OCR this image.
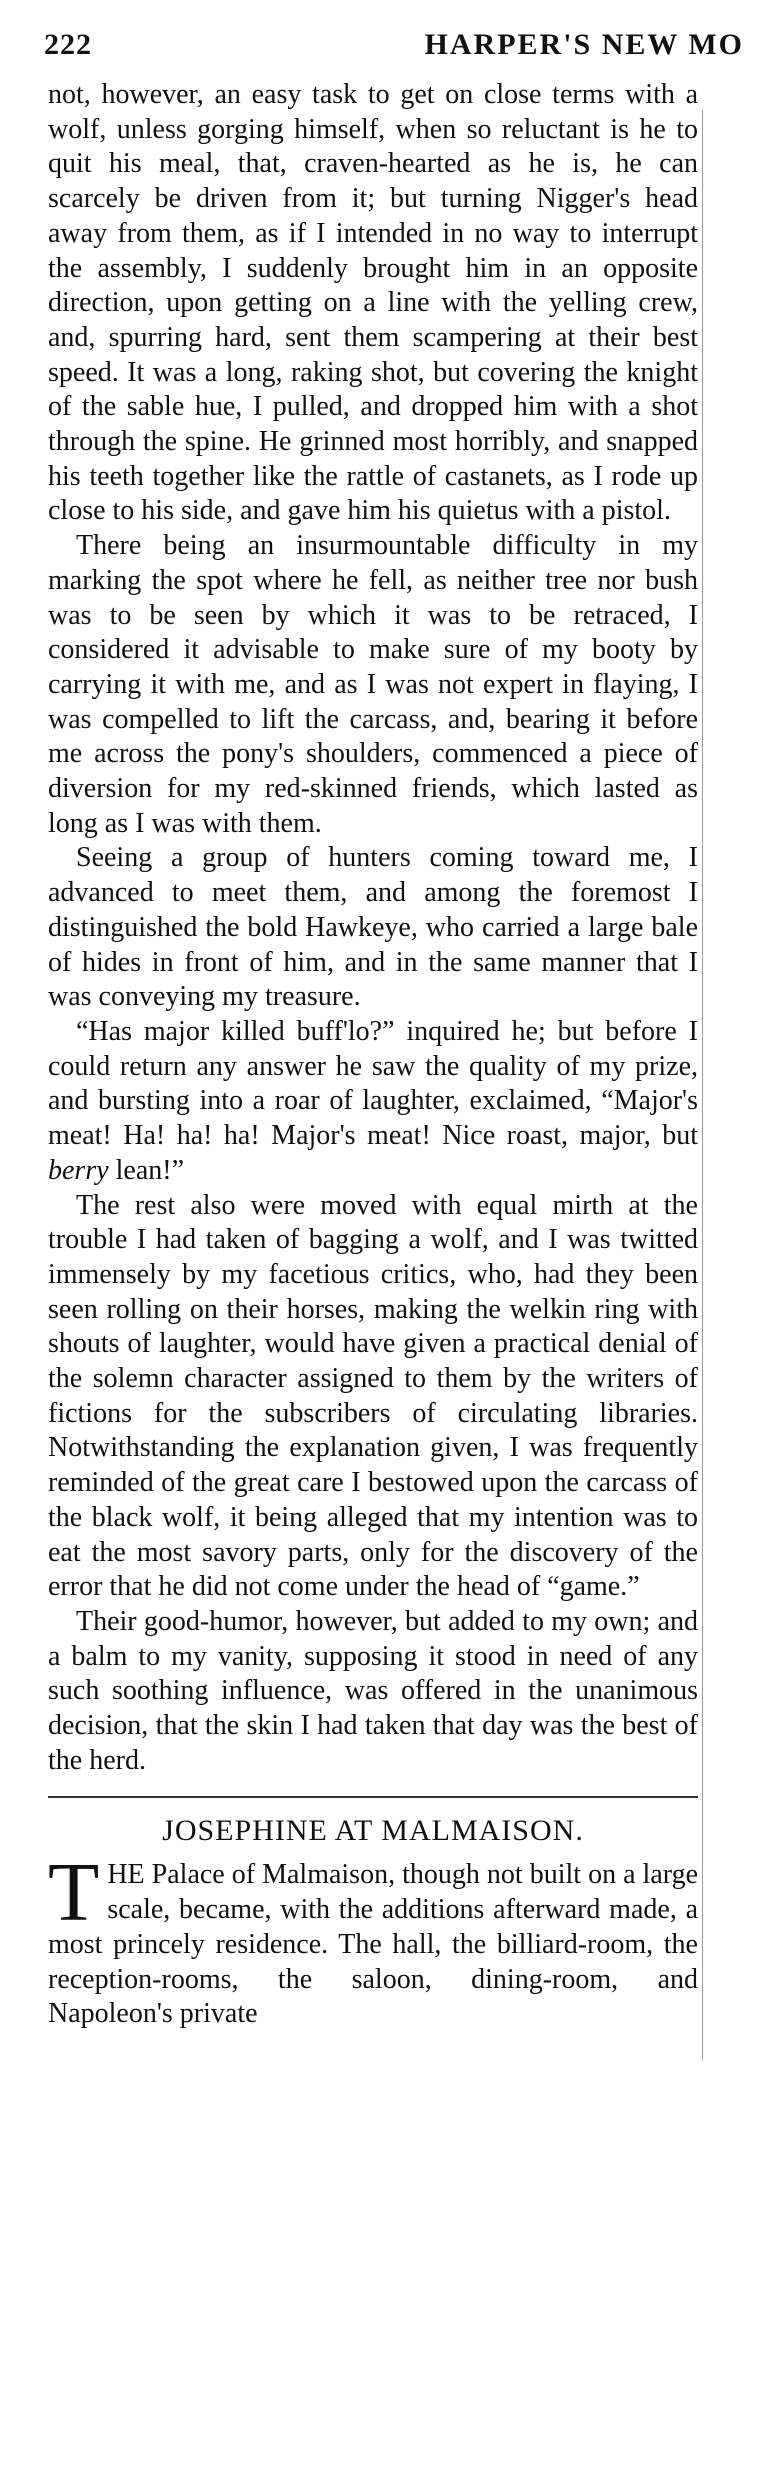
222	HARPER'S NEW MO

not, however, an easy task to get on close terms with a wolf, unless gorging himself, when so reluctant is he to quit his meal, that, craven-hearted as he is, he can scarcely be driven from it; but turning Nigger's head away from them, as if I intended in no way to interrupt the assembly, I suddenly brought him in an opposite direction, upon getting on a line with the yelling crew, and, spurring hard, sent them scampering at their best speed. It was a long, raking shot, but covering the knight of the sable hue, I pulled, and dropped him with a shot through the spine. He grinned most horribly, and snapped his teeth together like the rattle of castanets, as I rode up close to his side, and gave him his quietus with a pistol.

There being an insurmountable difficulty in my marking the spot where he fell, as neither tree nor bush was to be seen by which it was to be retraced, I considered it advisable to make sure of my booty by carrying it with me, and as I was not expert in flaying, I was compelled to lift the carcass, and, bearing it before me across the pony's shoulders, commenced a piece of diversion for my red-skinned friends, which lasted as long as I was with them.

Seeing a group of hunters coming toward me, I advanced to meet them, and among the foremost I distinguished the bold Hawkeye, who carried a large bale of hides in front of him, and in the same manner that I was conveying my treasure.

“Has major killed buff'lo?” inquired he; but before I could return any answer he saw the quality of my prize, and bursting into a roar of laughter, exclaimed, “Major's meat! Ha! ha! ha! Major's meat! Nice roast, major, but berry lean!”

The rest also were moved with equal mirth at the trouble I had taken of bagging a wolf, and I was twitted immensely by my facetious critics, who, had they been seen rolling on their horses, making the welkin ring with shouts of laughter, would have given a practical denial of the solemn character assigned to them by the writers of fictions for the subscribers of circulating libraries. Notwithstanding the explanation given, I was frequently reminded of the great care I bestowed upon the carcass of the black wolf, it being alleged that my intention was to eat the most savory parts, only for the discovery of the error that he did not come under the head of “game.”

Their good-humor, however, but added to my own; and a balm to my vanity, supposing it stood in need of any such soothing influence, was offered in the unanimous decision, that the skin I had taken that day was the best of the herd.

JOSEPHINE AT MALMAISON.

THE Palace of Malmaison, though not built on a large scale, became, with the additions afterward made, a most princely residence. The hall, the billiard-room, the reception-rooms, the saloon, dining-room, and Napoleon's private
